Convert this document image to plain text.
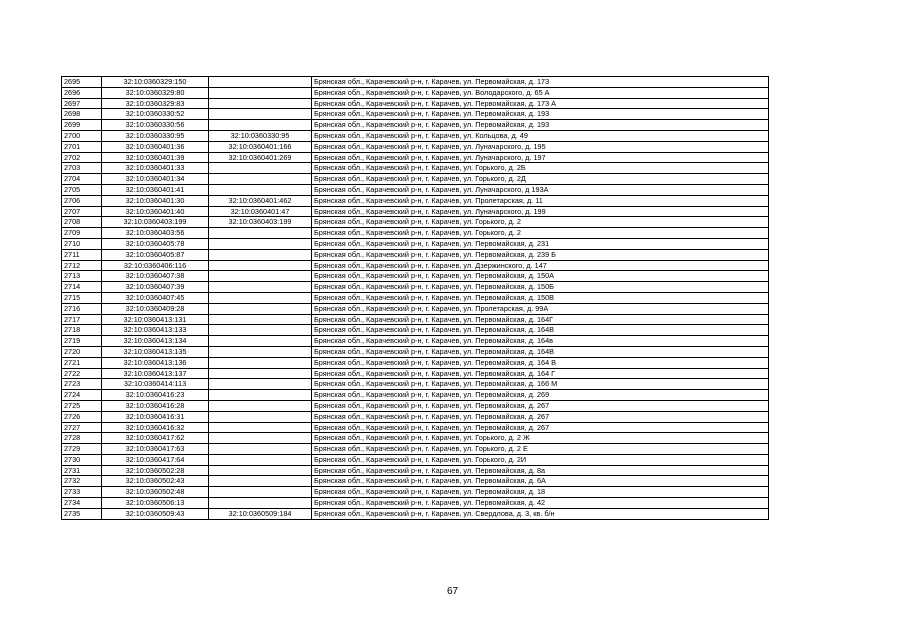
2695	32:10:0360329:150		Брянская обл., Карачевский р-н, г. Карачев, ул. Первомайская, д. 173
2696	32:10:0360329:80		Брянская обл., Карачевский р-н, г. Карачев, ул. Володарского, д. 65 А
2697	32:10:0360329:83		Брянская обл., Карачевский р-н, г. Карачев, ул. Первомайская, д. 173 А
2698	32:10:0360330:52		Брянская обл., Карачевский р-н, г. Карачев, ул. Первомайская, д. 193
2699	32:10:0360330:56		Брянская обл., Карачевский р-н, г. Карачев, ул. Первомайская, д. 193
2700	32:10:0360330:95	32:10:0360330:95	Брянская обл., Карачевский р-н, г. Карачев, ул. Кольцова, д. 49
2701	32:10:0360401:36	32:10:0360401:166	Брянская обл., Карачевский р-н, г. Карачев, ул. Луначарского, д. 195
2702	32:10:0360401:39	32:10:0360401:269	Брянская обл., Карачевский р-н, г. Карачев, ул. Луначарского, д. 197
2703	32:10:0360401:33		Брянская обл., Карачевский р-н, г. Карачев, ул. Горького, д. 2Б
2704	32:10:0360401:34		Брянская обл., Карачевский р-н, г. Карачев, ул. Горького, д. 2Д
2705	32:10:0360401:41		Брянская обл., Карачевский р-н, г. Карачев, ул. Луначарского, д 193А
2706	32:10:0360401:30	32:10:0360401:462	Брянская обл., Карачевский р-н, г. Карачев, ул. Пролетарская, д. 11
2707	32:10:0360401:40	32:10:0360401:47	Брянская обл., Карачевский р-н, г. Карачев, ул. Луначарского, д. 199
2708	32:10:0360403:199	32:10:0360403:199	Брянская обл., Карачевский р-н, г. Карачев, ул. Горького, д. 2
2709	32:10:0360403:56		Брянская обл., Карачевский р-н, г. Карачев, ул. Горького, д. 2
2710	32:10:0360405:78		Брянская обл., Карачевский р-н, г. Карачев, ул. Первомайская, д. 231
2711	32:10:0360405:87		Брянская обл., Карачевский р-н, г. Карачев, ул. Первомайская, д. 239 Б
2712	32:10:0360406:116		Брянская обл., Карачевский р-н, г. Карачев, ул. Дзержинского, д. 147
2713	32:10:0360407:38		Брянская обл., Карачевский р-н, г. Карачев, ул. Первомайская, д. 150А
2714	32:10:0360407:39		Брянская обл., Карачевский р-н, г. Карачев, ул. Первомайская, д. 150Б
2715	32:10:0360407:45		Брянская обл., Карачевский р-н, г. Карачев, ул. Первомайская, д. 150В
2716	32:10:0360409:28		Брянская обл., Карачевский р-н, г. Карачев, ул. Пролетарская, д. 99А
2717	32:10:0360413:131		Брянская обл., Карачевский р-н, г. Карачев, ул. Первомайская, д. 164Г
2718	32:10:0360413:133		Брянская обл., Карачевский р-н, г. Карачев, ул. Первомайская, д. 164В
2719	32:10:0360413:134		Брянская обл., Карачевский р-н, г. Карачев, ул. Первомайская, д. 164в
2720	32:10:0360413:135		Брянская обл., Карачевский р-н, г. Карачев, ул. Первомайская, д. 164В
2721	32:10:0360413:136		Брянская обл., Карачевский р-н, г. Карачев, ул. Первомайская, д. 164 В
2722	32:10:0360413:137		Брянская обл., Карачевский р-н, г. Карачев, ул. Первомайская, д. 164 Г
2723	32:10:0360414:113		Брянская обл., Карачевский р-н, г. Карачев, ул. Первомайская, д. 166 М
2724	32:10:0360416:23		Брянская обл., Карачевский р-н, г. Карачев, ул. Первомайская, д. 269
2725	32:10:0360416:28		Брянская обл., Карачевский р-н, г. Карачев, ул. Первомайская, д. 267
2726	32:10:0360416:31		Брянская обл., Карачевский р-н, г. Карачев, ул. Первомайская, д. 267
2727	32:10:0360416:32		Брянская обл., Карачевский р-н, г. Карачев, ул. Первомайская, д. 267
2728	32:10:0360417:62		Брянская обл., Карачевский р-н, г. Карачев, ул. Горького, д. 2 Ж
2729	32:10:0360417:63		Брянская обл., Карачевский р-н, г. Карачев, ул. Горького, д. 2 Е
2730	32:10:0360417:64		Брянская обл., Карачевский р-н, г. Карачев, ул. Горького, д. 2И
2731	32:10:0360502:28		Брянская обл., Карачевский р-н, г. Карачев, ул. Первомайская, д. 8а
2732	32:10:0360502:43		Брянская обл., Карачевский р-н, г. Карачев, ул. Первомайская, д. 6А
2733	32:10:0360502:48		Брянская обл., Карачевский р-н, г. Карачев, ул. Первомайская, д. 18
2734	32:10:0360506:13		Брянская обл., Карачевский р-н, г. Карачев, ул. Первомайская, д. 42
2735	32:10:0360509:43	32:10:0360509:184	Брянская обл., Карачевский р-н, г. Карачев, ул. Свердлова, д. 3, кв. б/н
67
